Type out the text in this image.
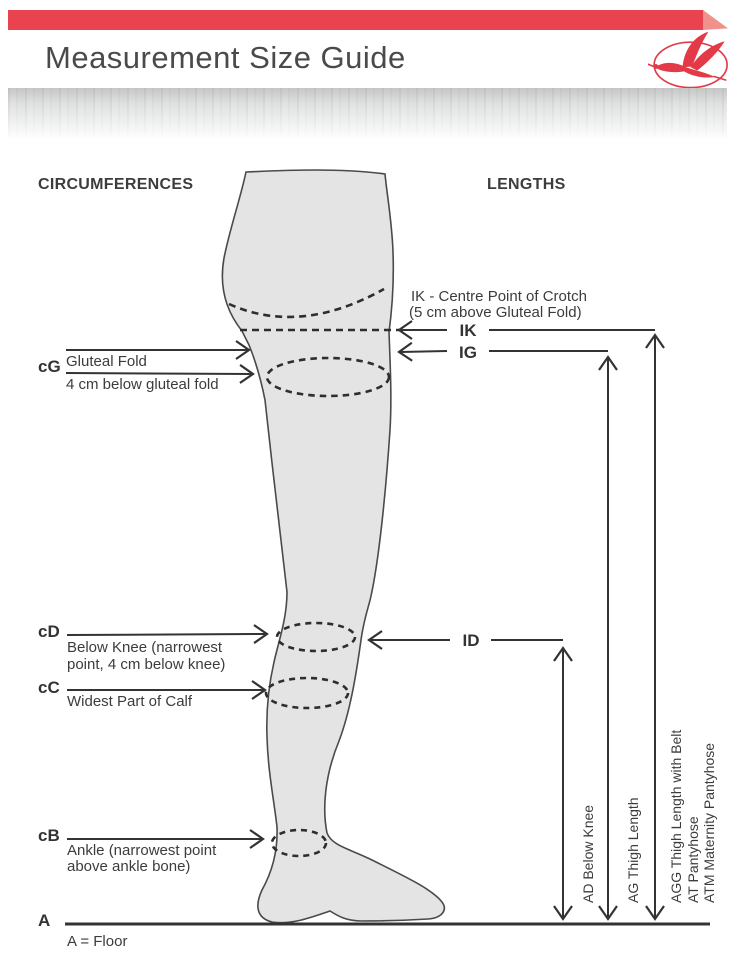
Measurement Size Guide
CIRCUMFERENCES	LENGTHS
IK - Centre Point of Crotch
(5 cm above Gluteal Fold)
IK
IG
ID
cG Gluteal Fold
4 cm below gluteal fold
cD
Below Knee (narrowest
point, 4 cm below knee)
cC
Widest Part of Calf
cB
Ankle (narrowest point
above ankle bone)
A
A = Floor
AD Below Knee AG Thigh Length AGG Thigh Length with Belt AT Pantyhose ATM Maternity Pantyhose
